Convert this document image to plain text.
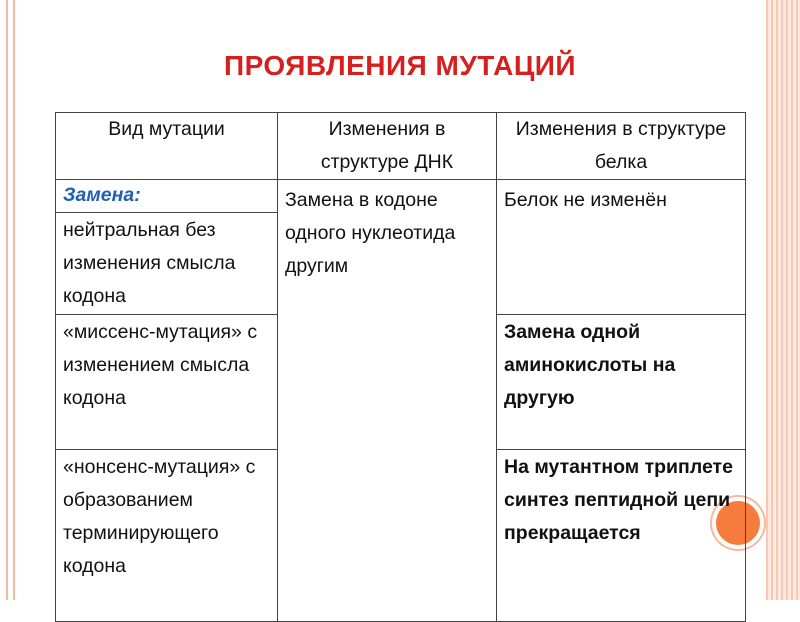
ПРОЯВЛЕНИЯ МУТАЦИЙ
Вид мутации	Изменения в структуре ДНК	Изменения в структуре белка
Замена:	Замена в кодоне одного нуклеотида другим	Белок не изменён
нейтральная без изменения смысла кодона		
«миссенс-мутация» с изменением смысла кодона		Замена одной аминокислоты на другую
«нонсенс-мутация» с образованием терминирующего кодона		На мутантном триплете синтез пептидной цепи прекращается
